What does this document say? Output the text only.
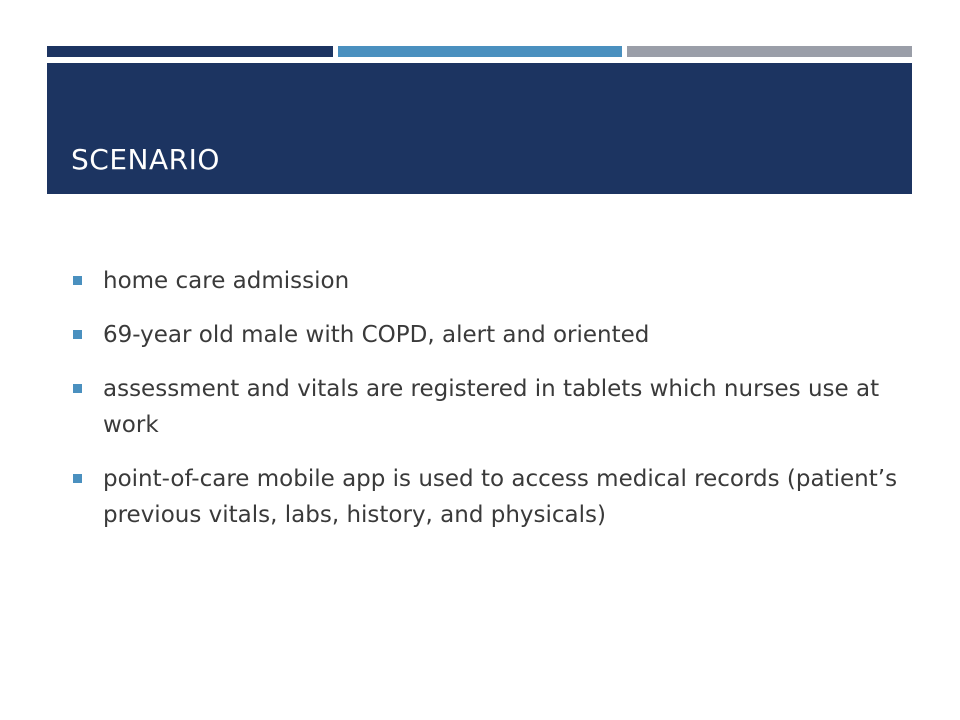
SCENARIO
home care admission
69-year old male with COPD, alert and oriented
assessment and vitals are registered in tablets which nurses use at work
point-of-care mobile app is used to access medical records (patient’s previous vitals, labs, history, and physicals)
